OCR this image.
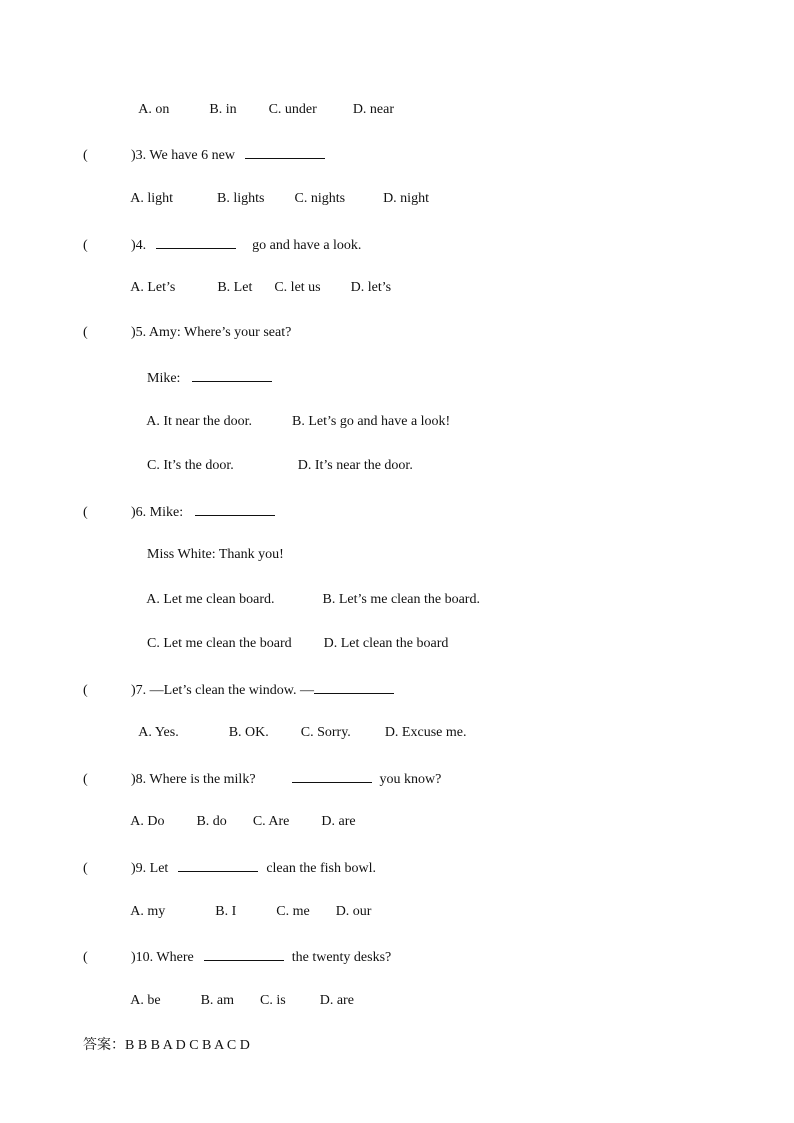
A. on	B. in C. under	D. near

(	)3. We have 6 new

A. light	B. lights C. nights	D. night

(	)4.	go and have a look.

A. Let’s	B. Let C. let us D. let’s

(	)5. Amy: Where’s your seat?

Mike:

A. It near the door.	B. Let’s go and have a look!

C. It’s the door.	D. It’s near the door.

(	)6. Mike:

Miss White: Thank you!

A. Let me clean board.	B. Let’s me clean the board.

C. Let me clean the board D. Let clean the board

(	)7. —Let’s clean the window. —

A. Yes.	B. OK. C. Sorry. D. Excuse me.

(	)8. Where is the milk?	you know?

A. Do B. do C. Are D. are

(	)9. Let	clean the fish bowl.

A. my	B. I	C. me D. our

(	)10. Where	the twenty desks?

A. be	B. am C. is D. are

答案：B B B A D C B A C D
